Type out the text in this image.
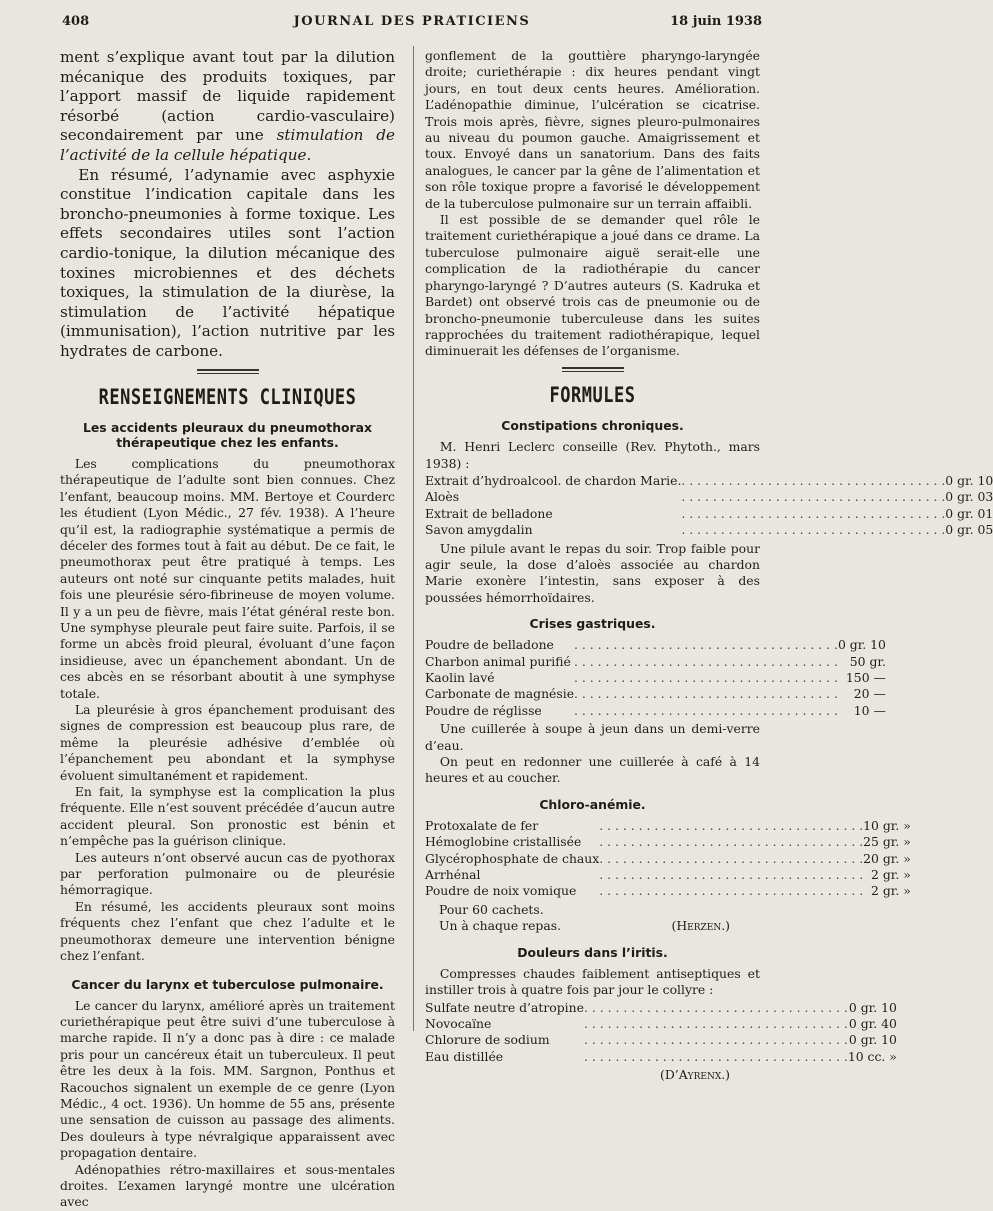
408	JOURNAL DES PRATICIENS	18 juin 1938

ment s’explique avant tout par la dilution mécanique des produits toxiques, par l’apport massif de liquide rapidement résorbé (action cardio-vasculaire) secondairement par une stimulation de l’activité de la cellule hépatique.

En résumé, l’adynamie avec asphyxie constitue l’indication capitale dans les broncho-pneumonies à forme toxique. Les effets secondaires utiles sont l’action cardio-tonique, la dilution mécanique des toxines microbiennes et des déchets toxiques, la stimulation de la diurèse, la stimulation de l’activité hépatique (immunisation), l’action nutritive par les hydrates de carbone.

RENSEIGNEMENTS CLINIQUES
Les accidents pleuraux du pneumothorax thérapeutique chez les enfants.

Les complications du pneumothorax thérapeutique de l’adulte sont bien connues. Chez l’enfant, beaucoup moins. MM. Bertoye et Courderc les étudient (Lyon Médic., 27 fév. 1938). A l’heure qu’il est, la radiographie systématique a permis de déceler des formes tout à fait au début. De ce fait, le pneumothorax peut être pratiqué à temps. Les auteurs ont noté sur cinquante petits malades, huit fois une pleurésie séro-fibrineuse de moyen volume. Il y a un peu de fièvre, mais l’état général reste bon. Une symphyse pleurale peut faire suite. Parfois, il se forme un abcès froid pleural, évoluant d’une façon insidieuse, avec un épanchement abondant. Un de ces abcès en se résorbant aboutit à une symphyse totale.

La pleurésie à gros épanchement produisant des signes de compression est beaucoup plus rare, de même la pleurésie adhésive d’emblée où l’épanchement peu abondant et la symphyse évoluent simultanément et rapidement.

En fait, la symphyse est la complication la plus fréquente. Elle n’est souvent précédée d’aucun autre accident pleural. Son pronostic est bénin et n’empêche pas la guérison clinique.

Les auteurs n’ont observé aucun cas de pyothorax par perforation pulmonaire ou de pleurésie hémorragique.

En résumé, les accidents pleuraux sont moins fréquents chez l’enfant que chez l’adulte et le pneumothorax demeure une intervention bénigne chez l’enfant.

Cancer du larynx et tuberculose pulmonaire.

Le cancer du larynx, amélioré après un traitement curiethérapique peut être suivi d’une tuberculose à marche rapide. Il n’y a donc pas à dire : ce malade pris pour un cancéreux était un tuberculeux. Il peut être les deux à la fois. MM. Sargnon, Ponthus et Racouchos signalent un exemple de ce genre (Lyon Médic., 4 oct. 1936). Un homme de 55 ans, présente une sensation de cuisson au passage des aliments. Des douleurs à type névralgique apparaissent avec propagation dentaire.

Adénopathies rétro-maxillaires et sous-mentales droites. L’examen laryngé montre une ulcération avec

gonflement de la gouttière pharyngo-laryngée droite; curiethérapie : dix heures pendant vingt jours, en tout deux cents heures. Amélioration. L’adénopathie diminue, l’ulcération se cicatrise. Trois mois après, fièvre, signes pleuro-pulmonaires au niveau du poumon gauche. Amaigrissement et toux. Envoyé dans un sanatorium. Dans des faits analogues, le cancer par la gêne de l’alimentation et son rôle toxique propre a favorisé le développement de la tuberculose pulmonaire sur un terrain affaibli.

Il est possible de se demander quel rôle le traitement curiethérapique a joué dans ce drame. La tuberculose pulmonaire aiguë serait-elle une complication de la radiothérapie du cancer pharyngo-laryngé ? D’autres auteurs (S. Kadruka et Bardet) ont observé trois cas de pneumonie ou de broncho-pneumonie tuberculeuse dans les suites rapprochées du traitement radiothérapique, lequel diminuerait les défenses de l’organisme.

FORMULES
Constipations chroniques.

M. Henri Leclerc conseille (Rev. Phytoth., mars 1938) :

Extrait d’hydroalcool. de chardon Marie.	. . . . . . . . . . . . . . . . . . . . . . . . . . . . . . . . . .	0 gr. 10
Aloès	. . . . . . . . . . . . . . . . . . . . . . . . . . . . . . . . . .	0 gr. 03
Extrait de belladone	. . . . . . . . . . . . . . . . . . . . . . . . . . . . . . . . . .	0 gr. 01
Savon amygdalin	. . . . . . . . . . . . . . . . . . . . . . . . . . . . . . . . . .	0 gr. 05

Une pilule avant le repas du soir. Trop faible pour agir seule, la dose d’aloès associée au chardon Marie exonère l’intestin, sans exposer à des poussées hémorrhoïdaires.

Crises gastriques.
Poudre de belladone	. . . . . . . . . . . . . . . . . . . . . . . . . . . . . . . . . .	0 gr. 10
Charbon animal purifié	. . . . . . . . . . . . . . . . . . . . . . . . . . . . . . . . . .	50 gr.
Kaolin lavé	. . . . . . . . . . . . . . . . . . . . . . . . . . . . . . . . . .	150 —
Carbonate de magnésie	. . . . . . . . . . . . . . . . . . . . . . . . . . . . . . . . . .	20 —
Poudre de réglisse	. . . . . . . . . . . . . . . . . . . . . . . . . . . . . . . . . .	10 —

Une cuillerée à soupe à jeun dans un demi-verre d’eau.

On peut en redonner une cuillerée à café à 14 heures et au coucher.

Chloro-anémie.
Protoxalate de fer	. . . . . . . . . . . . . . . . . . . . . . . . . . . . . . . . . .	10 gr. »
Hémoglobine cristallisée	. . . . . . . . . . . . . . . . . . . . . . . . . . . . . . . . . .	25 gr. »
Glycérophosphate de chaux	. . . . . . . . . . . . . . . . . . . . . . . . . . . . . . . . . .	20 gr. »
Arrhénal	. . . . . . . . . . . . . . . . . . . . . . . . . . . . . . . . . .	2 gr. »
Poudre de noix vomique	. . . . . . . . . . . . . . . . . . . . . . . . . . . . . . . . . .	2 gr. »
Pour 60 cachets.
Un à chaque repas.	(Herzen.)
Douleurs dans l’iritis.

Compresses chaudes faiblement antiseptiques et instiller trois à quatre fois par jour le collyre :

Sulfate neutre d’atropine	. . . . . . . . . . . . . . . . . . . . . . . . . . . . . . . . . .	0 gr. 10
Novocaïne	. . . . . . . . . . . . . . . . . . . . . . . . . . . . . . . . . .	0 gr. 40
Chlorure de sodium	. . . . . . . . . . . . . . . . . . . . . . . . . . . . . . . . . .	0 gr. 10
Eau distillée	. . . . . . . . . . . . . . . . . . . . . . . . . . . . . . . . . .	10 cc. »
(D’Ayrenx.)
